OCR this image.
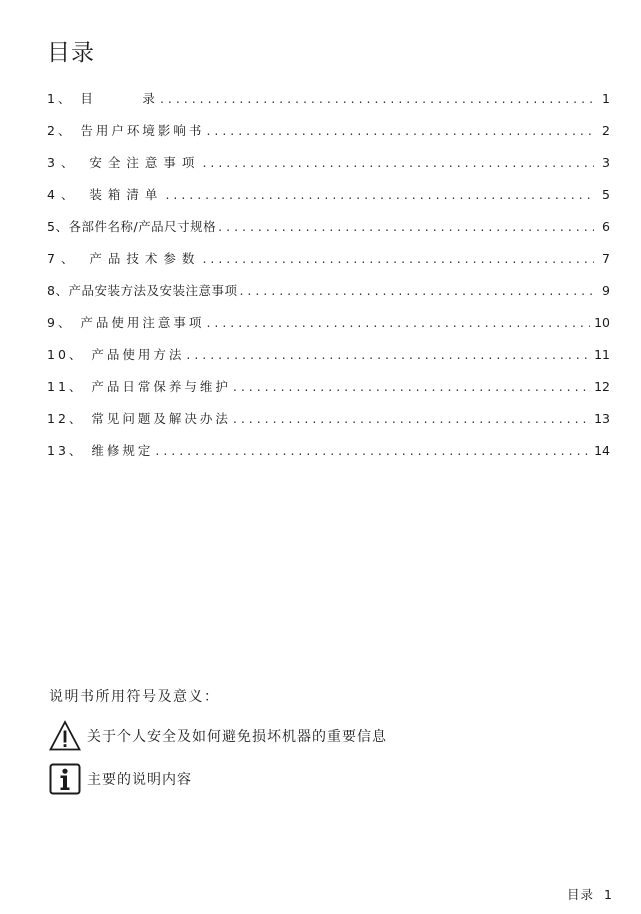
目录
1、 目　　　录 . . .	1
2、 告用户环境影响书 . . .	2
3、 安全注意事项 . . .	3
4、 装箱清单 . . .	5
5、各部件名称/产品尺寸规格 . . .	6
7、 产品技术参数 . . .	7
8、产品安装方法及安装注意事项 . . .	9
9、 产品使用注意事项 . . .	10
10、 产品使用方法 . . .	11
11、 产品日常保养与维护 . . .	12
12、 常见问题及解决办法 . . .	13
13、 维修规定 . . .	14
说明书所用符号及意义：
关于个人安全及如何避免损坏机器的重要信息
主要的说明内容
目录 1
